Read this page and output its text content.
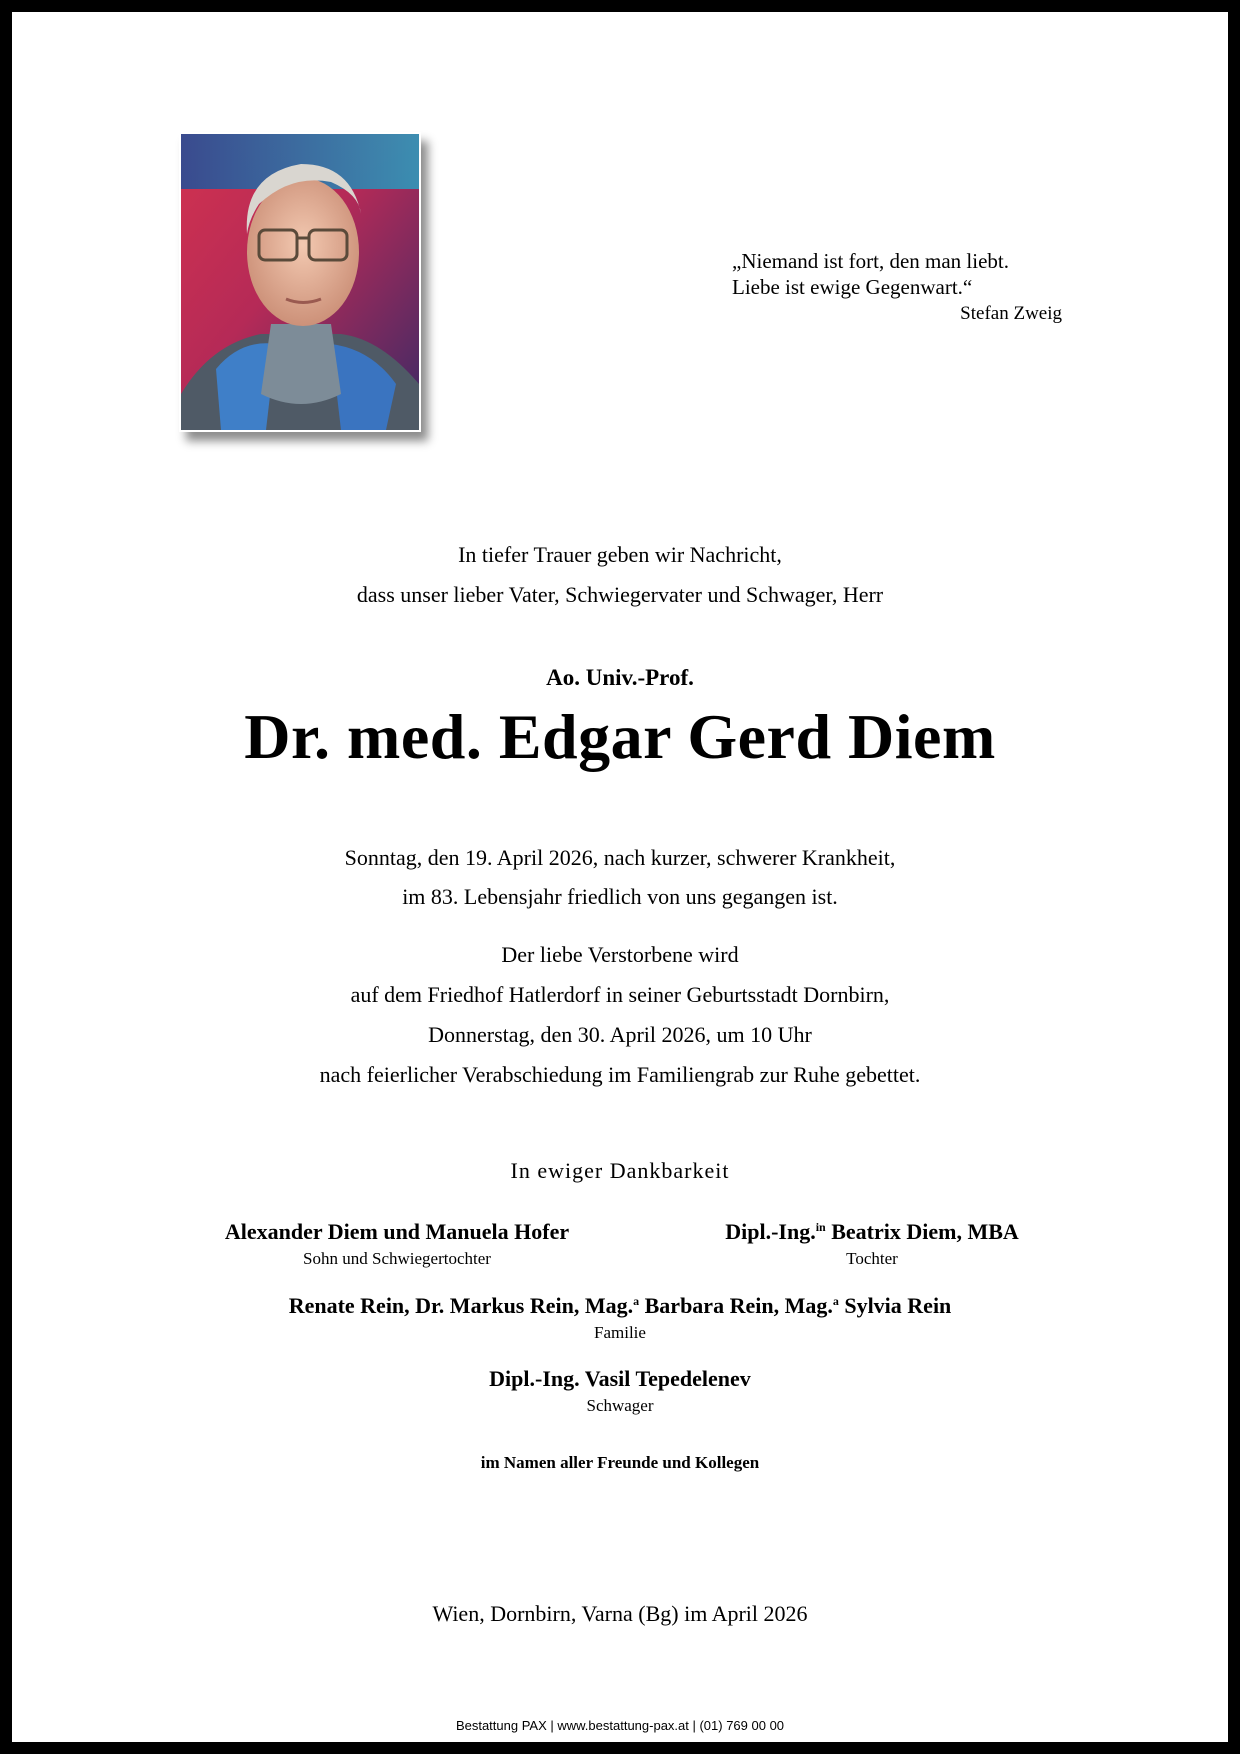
„Niemand ist fort, den man liebt.
Liebe ist ewige Gegenwart.“
Stefan Zweig
In tiefer Trauer geben wir Nachricht,
dass unser lieber Vater, Schwiegervater und Schwager, Herr
Ao. Univ.-Prof.
Dr. med. Edgar Gerd Diem
Sonntag, den 19. April 2026, nach kurzer, schwerer Krankheit,
im 83. Lebensjahr friedlich von uns gegangen ist.
Der liebe Verstorbene wird
auf dem Friedhof Hatlerdorf in seiner Geburtsstadt Dornbirn,
Donnerstag, den 30. April 2026, um 10 Uhr
nach feierlicher Verabschiedung im Familiengrab zur Ruhe gebettet.
In ewiger Dankbarkeit
Alexander Diem und Manuela Hofer
Sohn und Schwiegertochter
Dipl.-Ing.$^{in}$ Beatrix Diem, MBA
Tochter
Renate Rein, Dr. Markus Rein, Mag.$^a$ Barbara Rein, Mag.$^a$ Sylvia Rein
Familie
Dipl.-Ing. Vasil Tepedelenev
Schwager
im Namen aller Freunde und Kollegen
Wien, Dornbirn, Varna (Bg) im April 2026
Bestattung PAX | www.bestattung-pax.at | (01) 769 00 00
